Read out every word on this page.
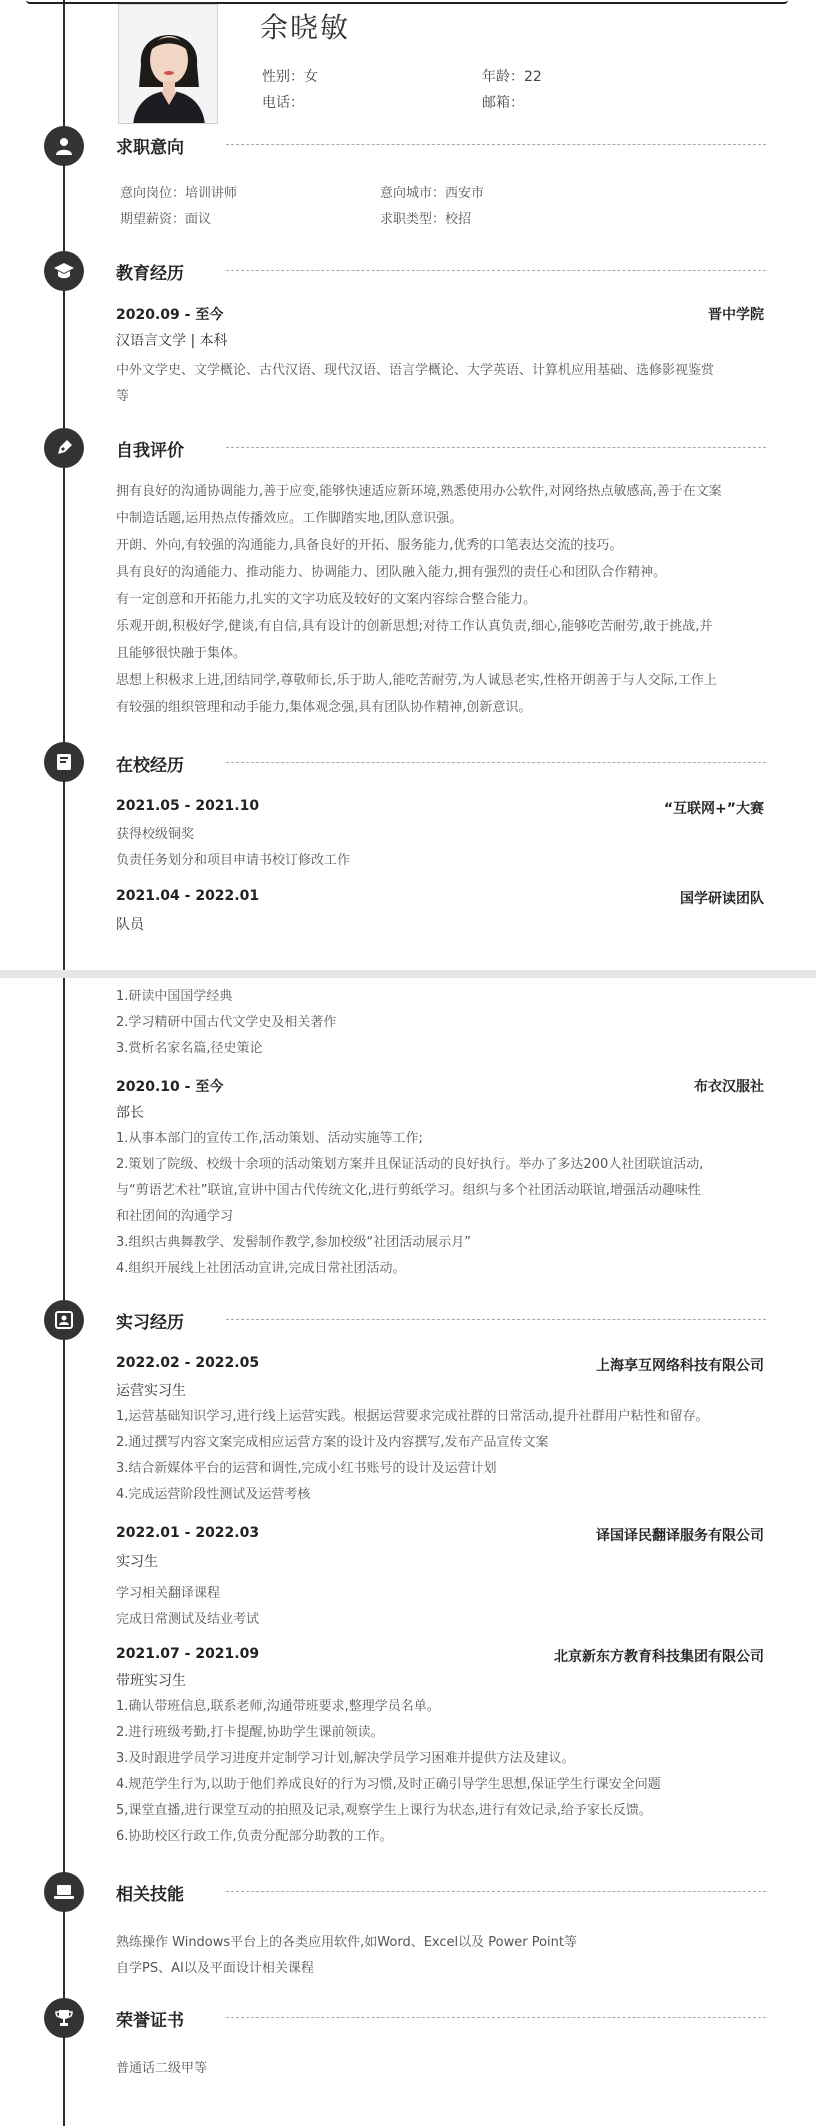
余晓敏
性别：女	年龄：22
电话：	邮箱：
求职意向
意向岗位：培训讲师	意向城市：西安市
期望薪资：面议	求职类型：校招
教育经历
2020.09 - 至今	晋中学院
汉语言文学 | 本科
中外文学史、文学概论、古代汉语、现代汉语、语言学概论、大学英语、计算机应用基础、选修影视鉴赏
等
自我评价
拥有良好的沟通协调能力,善于应变,能够快速适应新环境,熟悉使用办公软件,对网络热点敏感高,善于在文案
中制造话题,运用热点传播效应。工作脚踏实地,团队意识强。
开朗、外向,有较强的沟通能力,具备良好的开拓、服务能力,优秀的口笔表达交流的技巧。
具有良好的沟通能力、推动能力、协调能力、团队融入能力,拥有强烈的责任心和团队合作精神。
有一定创意和开拓能力,扎实的文字功底及较好的文案内容综合整合能力。
乐观开朗,积极好学,健谈,有自信,具有设计的创新思想;对待工作认真负责,细心,能够吃苦耐劳,敢于挑战,并
且能够很快融于集体。
思想上积极求上进,团结同学,尊敬师长,乐于助人,能吃苦耐劳,为人诚恳老实,性格开朗善于与人交际,工作上
有较强的组织管理和动手能力,集体观念强,具有团队协作精神,创新意识。
在校经历
2021.05 - 2021.10	“互联网+”大赛
获得校级铜奖
负责任务划分和项目申请书校订修改工作
2021.04 - 2022.01	国学研读团队
队员
1.研读中国国学经典
2.学习精研中国古代文学史及相关著作
3.赏析名家名篇,径史策论
2020.10 - 至今	布衣汉服社
部长
1.从事本部门的宣传工作,活动策划、活动实施等工作;
2.策划了院级、校级十余项的活动策划方案并且保证活动的良好执行。举办了多达200人社团联谊活动,
与“剪语艺术社”联谊,宣讲中国古代传统文化,进行剪纸学习。组织与多个社团活动联谊,增强活动趣味性
和社团间的沟通学习
3.组织古典舞教学、发髻制作教学,参加校级“社团活动展示月”
4.组织开展线上社团活动宣讲,完成日常社团活动。
实习经历
2022.02 - 2022.05	上海享互网络科技有限公司
运营实习生
1,运营基础知识学习,进行线上运营实践。根据运营要求完成社群的日常活动,提升社群用户粘性和留存。
2.通过撰写内容文案完成相应运营方案的设计及内容撰写,发布产品宣传文案
3.结合新媒体平台的运营和调性,完成小红书账号的设计及运营计划
4.完成运营阶段性测试及运营考核
2022.01 - 2022.03	译国译民翻译服务有限公司
实习生
学习相关翻译课程
完成日常测试及结业考试
2021.07 - 2021.09	北京新东方教育科技集团有限公司
带班实习生
1.确认带班信息,联系老师,沟通带班要求,整理学员名单。
2.进行班级考勤,打卡提醒,协助学生课前领读。
3.及时跟进学员学习进度并定制学习计划,解决学员学习困难并提供方法及建议。
4.规范学生行为,以助于他们养成良好的行为习惯,及时正确引导学生思想,保证学生行课安全问题
5,课堂直播,进行课堂互动的拍照及记录,观察学生上课行为状态,进行有效记录,给予家长反馈。
6.协助校区行政工作,负责分配部分助教的工作。
相关技能
熟练操作 Windows平台上的各类应用软件,如Word、Excel以及 Power Point等
自学PS、AI以及平面设计相关课程
荣誉证书
普通话二级甲等
